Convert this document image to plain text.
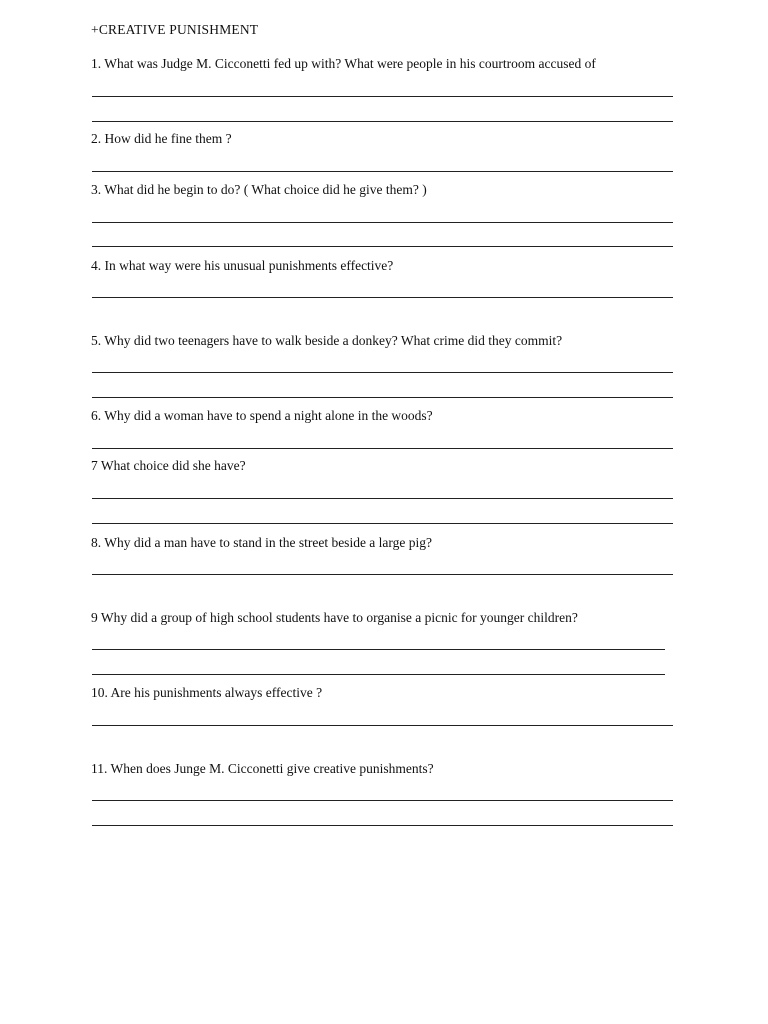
+CREATIVE PUNISHMENT
1. What was Judge M. Cicconetti fed up with? What were people in his courtroom accused of
2. How did he fine them ?
3. What did he begin to do? ( What choice did he give them? )
4. In what way were his unusual punishments effective?
5. Why did two teenagers have to walk beside a donkey? What crime did they commit?
6. Why did a woman have to spend a night alone in the woods?
7 What choice did she have?
8. Why did a man have to stand in the street beside a large pig?
9 Why did a group of high school students have to organise a picnic for younger children?
10. Are his punishments always effective ?
11. When does Junge M. Cicconetti give creative punishments?
